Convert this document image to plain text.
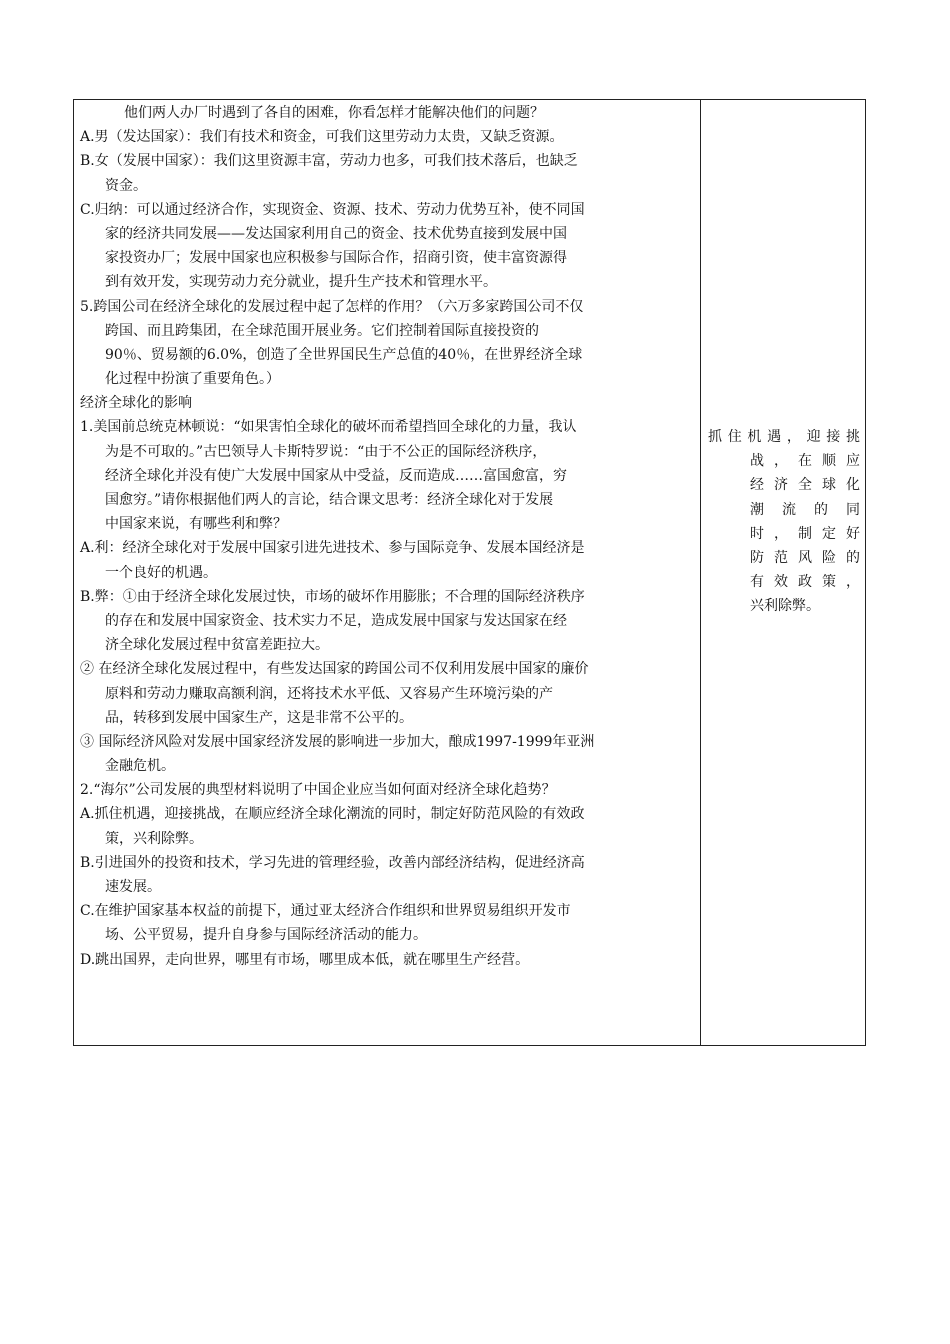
他们两人办厂时遇到了各自的困难，你看怎样才能解决他们的问题？
A.男（发达国家）：我们有技术和资金，可我们这里劳动力太贵，又缺乏资源。
B.女（发展中国家）：我们这里资源丰富，劳动力也多，可我们技术落后，也缺乏
资金。
C.归纳：可以通过经济合作，实现资金、资源、技术、劳动力优势互补，使不同国
家的经济共同发展——发达国家利用自己的资金、技术优势直接到发展中国
家投资办厂；发展中国家也应积极参与国际合作，招商引资，使丰富资源得
到有效开发，实现劳动力充分就业，提升生产技术和管理水平。
5.跨国公司在经济全球化的发展过程中起了怎样的作用？（六万多家跨国公司不仅
跨国、而且跨集团，在全球范围开展业务。它们控制着国际直接投资的
90％、贸易额的6.0%，创造了全世界国民生产总值的40％，在世界经济全球
化过程中扮演了重要角色。）
经济全球化的影响
1.美国前总统克林顿说：“如果害怕全球化的破坏而希望挡回全球化的力量，我认
为是不可取的。”古巴领导人卡斯特罗说：“由于不公正的国际经济秩序，
经济全球化并没有使广大发展中国家从中受益，反而造成……富国愈富，穷
国愈穷。”请你根据他们两人的言论，结合课文思考：经济全球化对于发展
中国家来说，有哪些利和弊？
A.利：经济全球化对于发展中国家引进先进技术、参与国际竞争、发展本国经济是
一个良好的机遇。
B.弊：①由于经济全球化发展过快，市场的破坏作用膨胀；不合理的国际经济秩序
的存在和发展中国家资金、技术实力不足，造成发展中国家与发达国家在经
济全球化发展过程中贫富差距拉大。
② 在经济全球化发展过程中，有些发达国家的跨国公司不仅利用发展中国家的廉价
原料和劳动力赚取高额利润，还将技术水平低、又容易产生环境污染的产
品，转移到发展中国家生产，这是非常不公平的。
③ 国际经济风险对发展中国家经济发展的影响进一步加大，酿成1997-1999年亚洲
金融危机。
2.“海尔”公司发展的典型材料说明了中国企业应当如何面对经济全球化趋势？
A.抓住机遇，迎接挑战，在顺应经济全球化潮流的同时，制定好防范风险的有效政
策，兴利除弊。
B.引进国外的投资和技术，学习先进的管理经验，改善内部经济结构，促进经济高
速发展。
C.在维护国家基本权益的前提下，通过亚太经济合作组织和世界贸易组织开发市
场、公平贸易，提升自身参与国际经济活动的能力。
D.跳出国界，走向世界，哪里有市场，哪里成本低，就在哪里生产经营。
抓住机遇，迎接挑
战，在顺应
经济全球化
潮流的同
时，制定好
防范风险的
有效政策，
兴利除弊。
